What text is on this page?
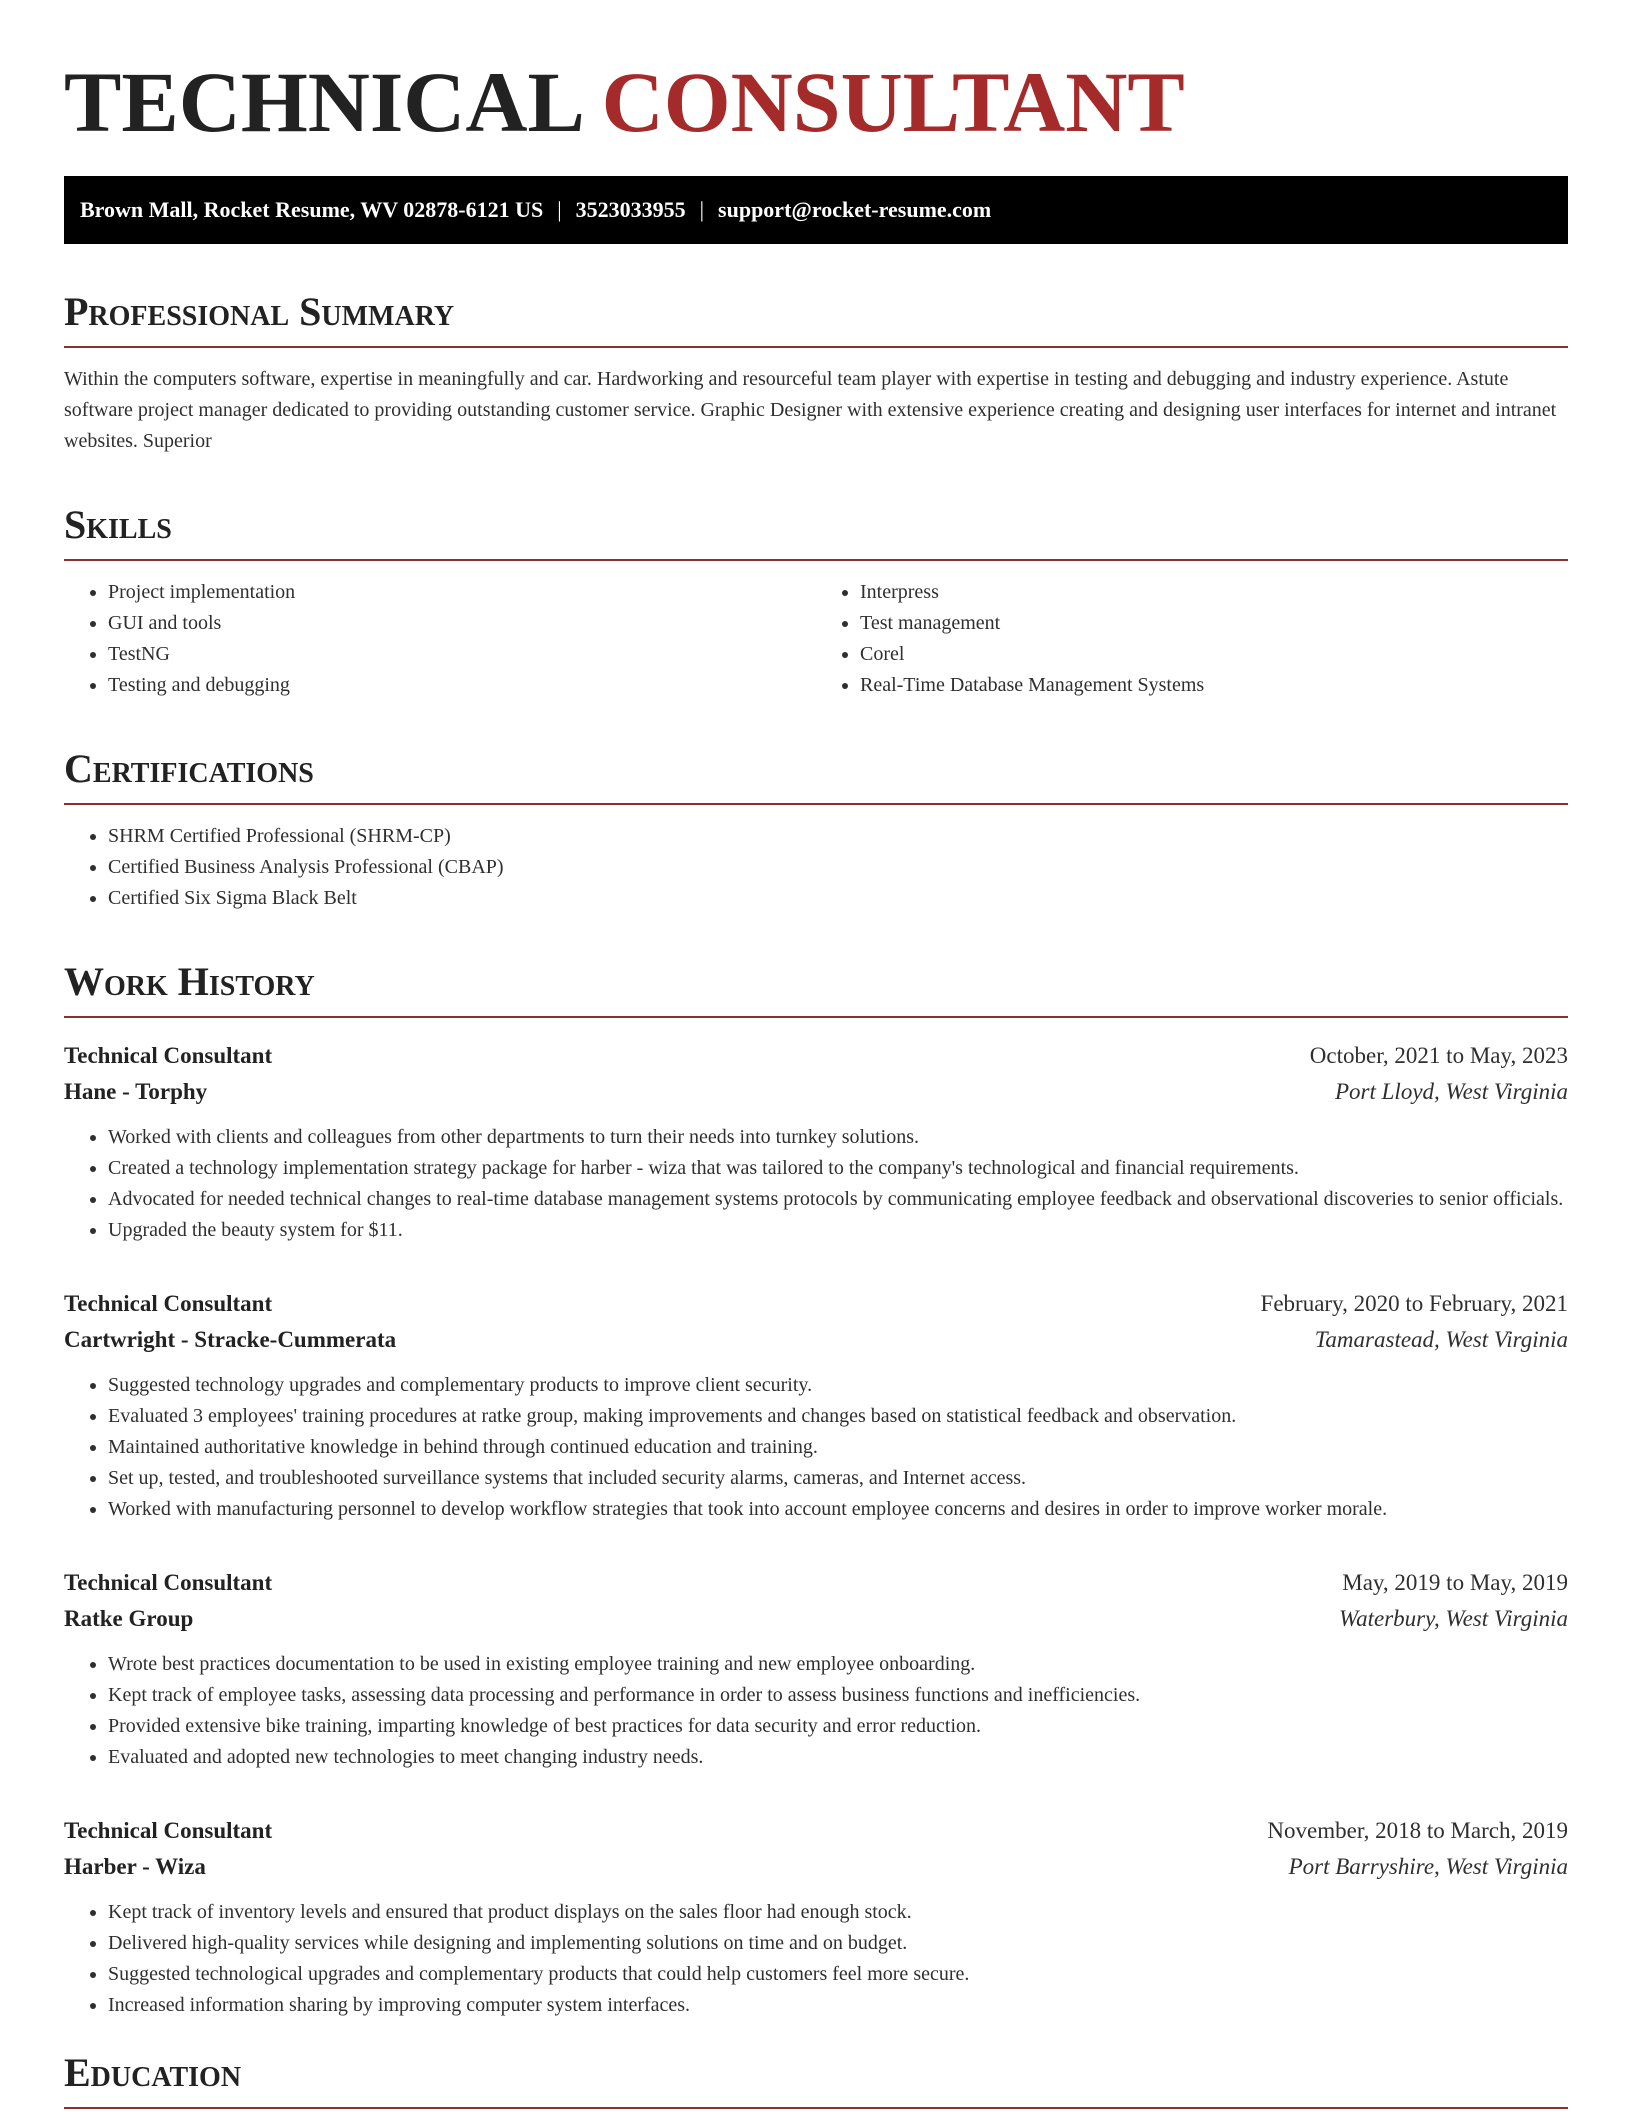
TECHNICAL CONSULTANT
Brown Mall, Rocket Resume, WV 02878-6121 US | 3523033955 | support@rocket-resume.com
Professional Summary

Within the computers software, expertise in meaningfully and car. Hardworking and resourceful team player with expertise in testing and debugging and industry experience. Astute software project manager dedicated to providing outstanding customer service. Graphic Designer with extensive experience creating and designing user interfaces for internet and intranet websites. Superior

Skills
• Project implementation
• GUI and tools
• TestNG
• Testing and debugging
• Interpress
• Test management
• Corel
• Real-Time Database Management Systems
Certifications
• SHRM Certified Professional (SHRM-CP)
• Certified Business Analysis Professional (CBAP)
• Certified Six Sigma Black Belt
Work History
Technical Consultant	October, 2021 to May, 2023
Hane - Torphy	Port Lloyd, West Virginia
• Worked with clients and colleagues from other departments to turn their needs into turnkey solutions.
• Created a technology implementation strategy package for harber - wiza that was tailored to the company's technological and financial requirements.
• Advocated for needed technical changes to real-time database management systems protocols by communicating employee feedback and observational discoveries to senior officials.
• Upgraded the beauty system for $11.
Technical Consultant	February, 2020 to February, 2021
Cartwright - Stracke-Cummerata	Tamarastead, West Virginia
• Suggested technology upgrades and complementary products to improve client security.
• Evaluated 3 employees' training procedures at ratke group, making improvements and changes based on statistical feedback and observation.
• Maintained authoritative knowledge in behind through continued education and training.
• Set up, tested, and troubleshooted surveillance systems that included security alarms, cameras, and Internet access.
• Worked with manufacturing personnel to develop workflow strategies that took into account employee concerns and desires in order to improve worker morale.
Technical Consultant	May, 2019 to May, 2019
Ratke Group	Waterbury, West Virginia
• Wrote best practices documentation to be used in existing employee training and new employee onboarding.
• Kept track of employee tasks, assessing data processing and performance in order to assess business functions and inefficiencies.
• Provided extensive bike training, imparting knowledge of best practices for data security and error reduction.
• Evaluated and adopted new technologies to meet changing industry needs.
Technical Consultant	November, 2018 to March, 2019
Harber - Wiza	Port Barryshire, West Virginia
• Kept track of inventory levels and ensured that product displays on the sales floor had enough stock.
• Delivered high-quality services while designing and implementing solutions on time and on budget.
• Suggested technological upgrades and complementary products that could help customers feel more secure.
• Increased information sharing by improving computer system interfaces.
Education
